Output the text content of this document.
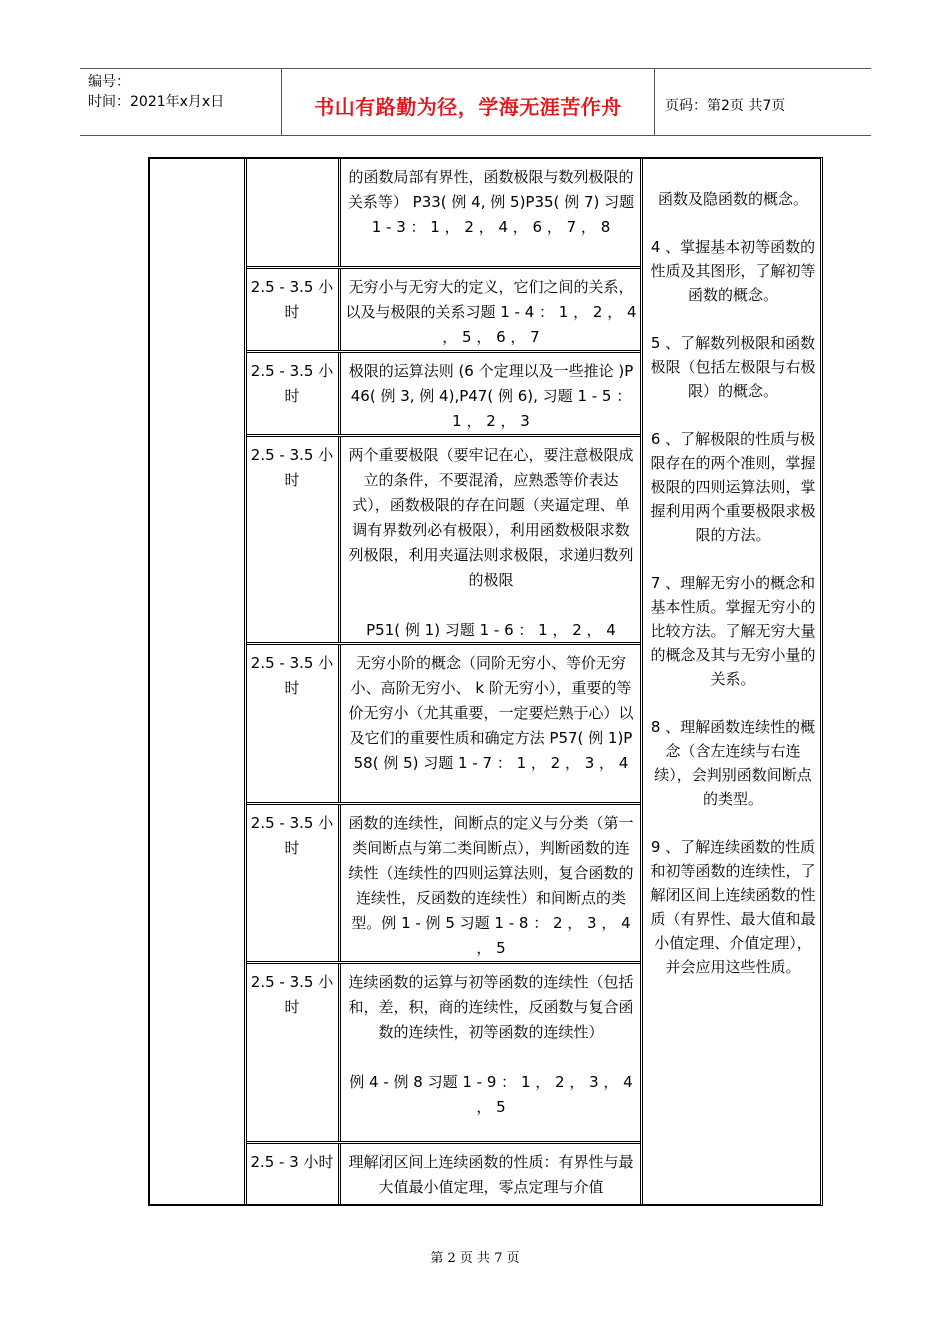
编号：
时间：2021年x月x日	书山有路勤为径，学海无涯苦作舟	页码：第2页 共7页
的函数局部有界性，函数极限与数列极限的关系等） P33( 例 4, 例 5)P35( 例 7) 习题 1 - 3 ： 1 ， 2 ， 4 ， 6 ， 7 ， 8
2.5 - 3.5 小时
无穷小与无穷大的定义，它们之间的关系，以及与极限的关系习题 1 - 4 ： 1 ， 2 ， 4 ， 5 ， 6 ， 7
2.5 - 3.5 小时
极限的运算法则 (6 个定理以及一些推论 )P46( 例 3, 例 4),P47( 例 6), 习题 1 - 5 ： 1 ， 2 ， 3
2.5 - 3.5 小时
两个重要极限（要牢记在心，要注意极限成立的条件，不要混淆，应熟悉等价表达式），函数极限的存在问题（夹逼定理、单调有界数列必有极限），利用函数极限求数列极限，利用夹逼法则求极限，求递归数列的极限
P51( 例 1) 习题 1 - 6 ： 1 ， 2 ， 4
2.5 - 3.5 小时
无穷小阶的概念（同阶无穷小、等价无穷小、高阶无穷小、 k 阶无穷小），重要的等价无穷小（尤其重要，一定要烂熟于心）以及它们的重要性质和确定方法 P57( 例 1)P58( 例 5) 习题 1 - 7 ： 1 ， 2 ， 3 ， 4
2.5 - 3.5 小时
函数的连续性，间断点的定义与分类（第一类间断点与第二类间断点），判断函数的连续性（连续性的四则运算法则，复合函数的连续性，反函数的连续性）和间断点的类型。例 1 - 例 5 习题 1 - 8 ： 2 ， 3 ， 4 ， 5
2.5 - 3.5 小时
连续函数的运算与初等函数的连续性（包括和，差，积，商的连续性，反函数与复合函数的连续性，初等函数的连续性）
例 4 - 例 8 习题 1 - 9 ： 1 ， 2 ， 3 ， 4 ， 5
2.5 - 3 小时 理解闭区间上连续函数的性质：有界性与最大值最小值定理，零点定理与介值
函数及隐函数的概念。
4 、掌握基本初等函数的性质及其图形，了解初等函数的概念。
5 、了解数列极限和函数极限（包括左极限与右极限）的概念。
6 、了解极限的性质与极限存在的两个准则，掌握极限的四则运算法则，掌握利用两个重要极限求极限的方法。
7 、理解无穷小的概念和基本性质。掌握无穷小的比较方法。了解无穷大量的概念及其与无穷小量的关系。
8 、理解函数连续性的概念（含左连续与右连续），会判别函数间断点的类型。
9 、了解连续函数的性质和初等函数的连续性，了解闭区间上连续函数的性质（有界性、最大值和最小值定理、介值定理），并会应用这些性质。
第 2 页 共 7 页
